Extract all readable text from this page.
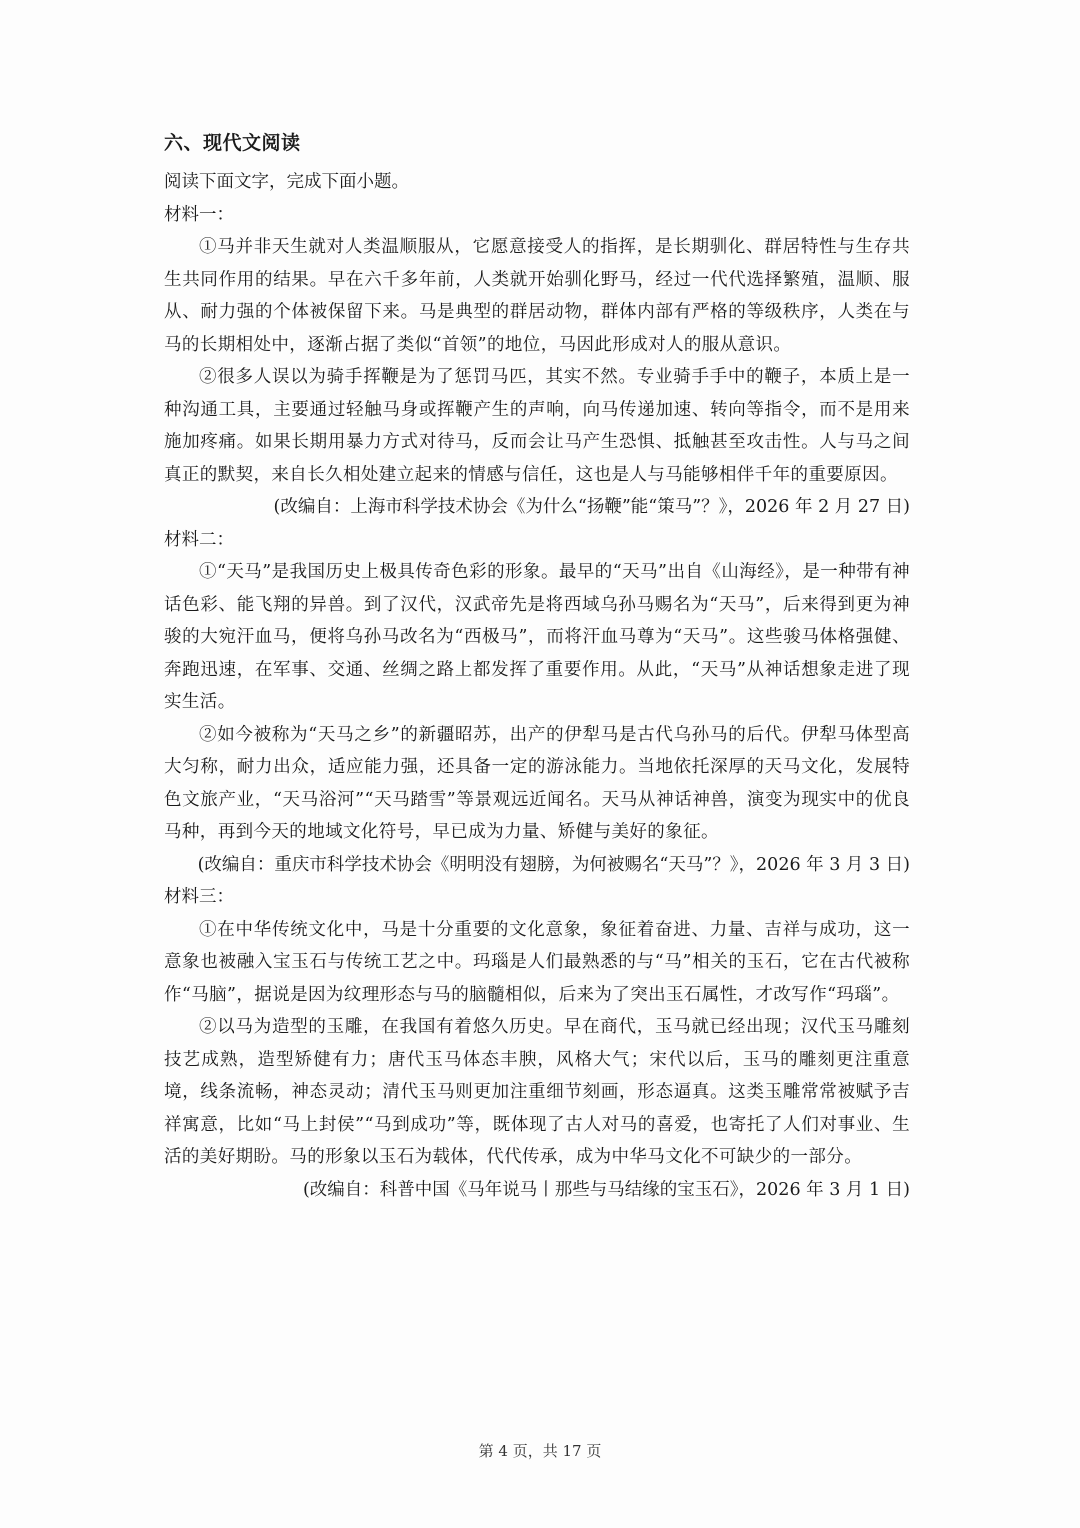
六、现代文阅读
阅读下面文字，完成下面小题。
材料一：

①马并非天生就对人类温顺服从，它愿意接受人的指挥，是长期驯化、群居特性与生存共生共同作用的结果。早在六千多年前，人类就开始驯化野马，经过一代代选择繁殖，温顺、服从、耐力强的个体被保留下来。马是典型的群居动物，群体内部有严格的等级秩序，人类在与马的长期相处中，逐渐占据了类似“首领”的地位，马因此形成对人的服从意识。

②很多人误以为骑手挥鞭是为了惩罚马匹，其实不然。专业骑手手中的鞭子，本质上是一种沟通工具，主要通过轻触马身或挥鞭产生的声响，向马传递加速、转向等指令，而不是用来施加疼痛。如果长期用暴力方式对待马，反而会让马产生恐惧、抵触甚至攻击性。人与马之间真正的默契，来自长久相处建立起来的情感与信任，这也是人与马能够相伴千年的重要原因。

(改编自：上海市科学技术协会《为什么“扬鞭”能“策马”？》，2026 年 2 月 27 日)

材料二：

①“天马”是我国历史上极具传奇色彩的形象。最早的“天马”出自《山海经》，是一种带有神话色彩、能飞翔的异兽。到了汉代，汉武帝先是将西域乌孙马赐名为“天马”，后来得到更为神骏的大宛汗血马，便将乌孙马改名为“西极马”，而将汗血马尊为“天马”。这些骏马体格强健、奔跑迅速，在军事、交通、丝绸之路上都发挥了重要作用。从此，“天马”从神话想象走进了现实生活。

②如今被称为“天马之乡”的新疆昭苏，出产的伊犁马是古代乌孙马的后代。伊犁马体型高大匀称，耐力出众，适应能力强，还具备一定的游泳能力。当地依托深厚的天马文化，发展特色文旅产业，“天马浴河”“天马踏雪”等景观远近闻名。天马从神话神兽，演变为现实中的优良马种，再到今天的地域文化符号，早已成为力量、矫健与美好的象征。

(改编自：重庆市科学技术协会《明明没有翅膀，为何被赐名“天马”？》，2026 年 3 月 3 日)

材料三：

①在中华传统文化中，马是十分重要的文化意象，象征着奋进、力量、吉祥与成功，这一意象也被融入宝玉石与传统工艺之中。玛瑙是人们最熟悉的与“马”相关的玉石，它在古代被称作“马脑”，据说是因为纹理形态与马的脑髓相似，后来为了突出玉石属性，才改写作“玛瑙”。

②以马为造型的玉雕，在我国有着悠久历史。早在商代，玉马就已经出现；汉代玉马雕刻技艺成熟，造型矫健有力；唐代玉马体态丰腴，风格大气；宋代以后，玉马的雕刻更注重意境，线条流畅，神态灵动；清代玉马则更加注重细节刻画，形态逼真。这类玉雕常常被赋予吉祥寓意，比如“马上封侯”“马到成功”等，既体现了古人对马的喜爱，也寄托了人们对事业、生活的美好期盼。马的形象以玉石为载体，代代传承，成为中华马文化不可缺少的一部分。

(改编自：科普中国《马年说马丨那些与马结缘的宝玉石》，2026 年 3 月 1 日)

第 4 页，共 17 页
